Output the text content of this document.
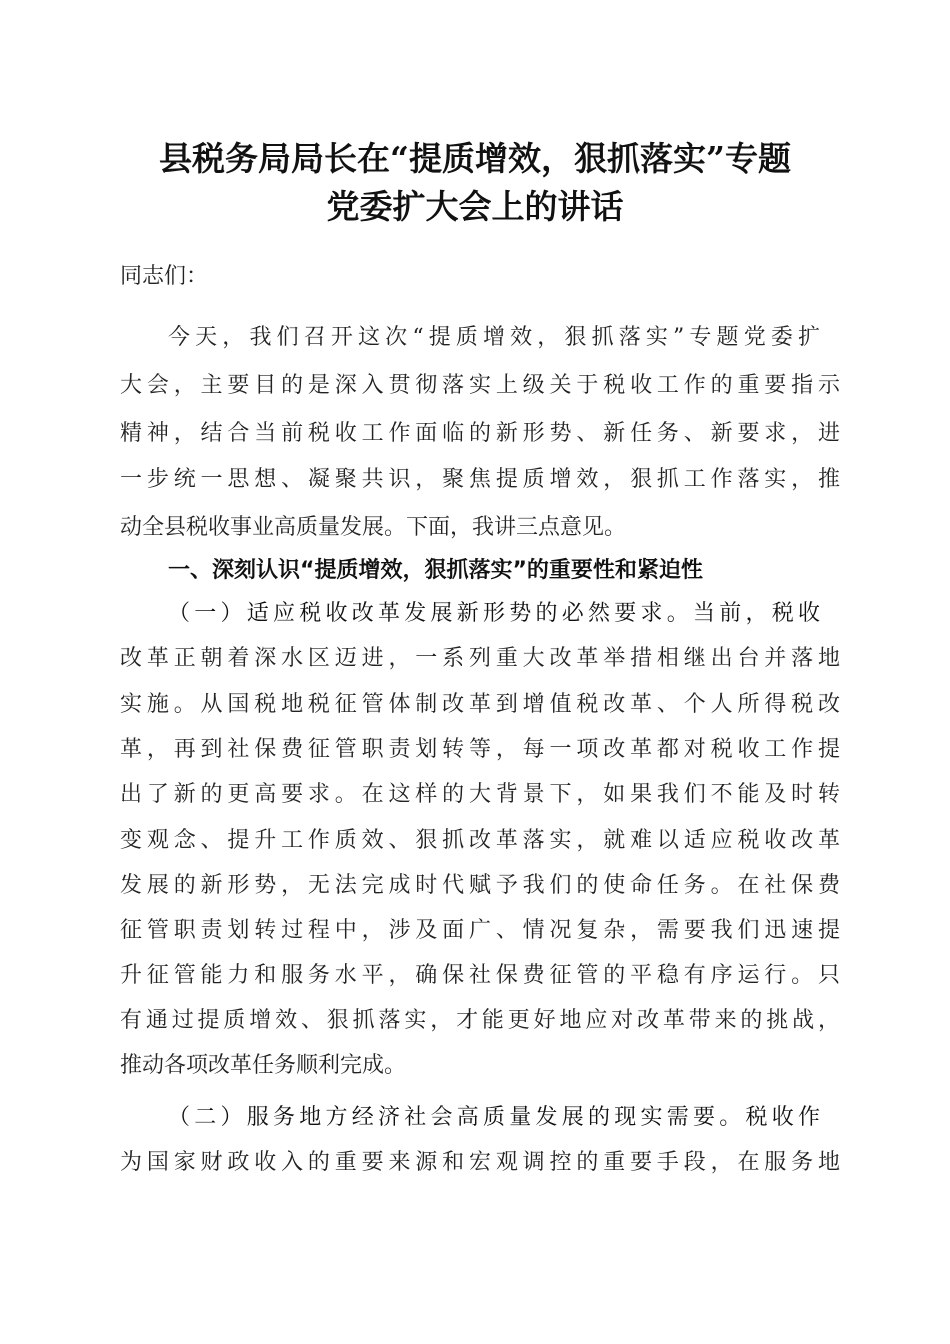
县税务局局长在“提质增效，狠抓落实”专题
党委扩大会上的讲话
同志们：
今天，我们召开这次“提质增效，狠抓落实”专题党委扩
大会，主要目的是深入贯彻落实上级关于税收工作的重要指示
精神，结合当前税收工作面临的新形势、新任务、新要求，进
一步统一思想、凝聚共识，聚焦提质增效，狠抓工作落实，推
动全县税收事业高质量发展。下面，我讲三点意见。
一、深刻认识“提质增效，狠抓落实”的重要性和紧迫性
（一）适应税收改革发展新形势的必然要求。当前，税收
改革正朝着深水区迈进，一系列重大改革举措相继出台并落地
实施。从国税地税征管体制改革到增值税改革、个人所得税改
革，再到社保费征管职责划转等，每一项改革都对税收工作提
出了新的更高要求。在这样的大背景下，如果我们不能及时转
变观念、提升工作质效、狠抓改革落实，就难以适应税收改革
发展的新形势，无法完成时代赋予我们的使命任务。在社保费
征管职责划转过程中，涉及面广、情况复杂，需要我们迅速提
升征管能力和服务水平，确保社保费征管的平稳有序运行。只
有通过提质增效、狠抓落实，才能更好地应对改革带来的挑战，
推动各项改革任务顺利完成。
（二）服务地方经济社会高质量发展的现实需要。税收作
为国家财政收入的重要来源和宏观调控的重要手段，在服务地
